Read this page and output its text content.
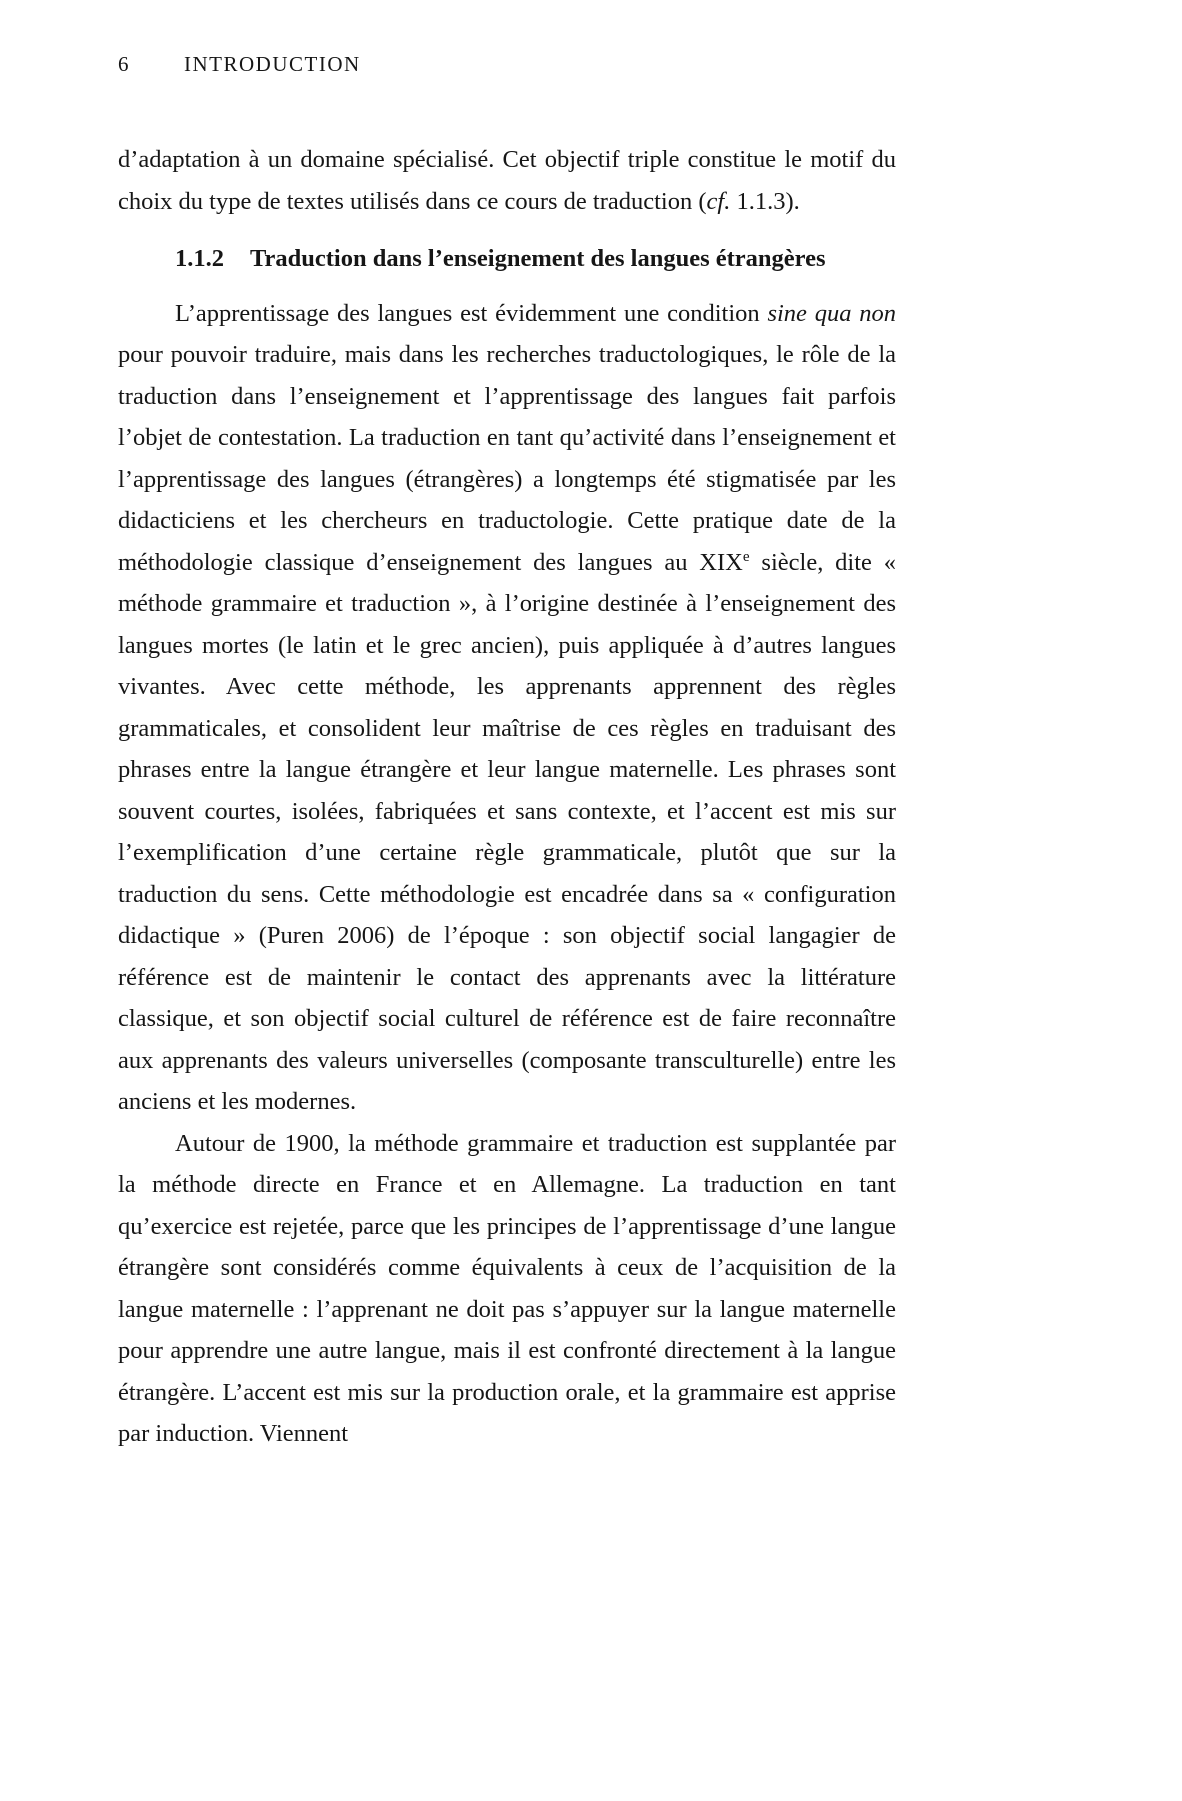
6	INTRODUCTION

d’adaptation à un domaine spécialisé. Cet objectif triple constitue le motif du choix du type de textes utilisés dans ce cours de traduction (cf. 1.1.3).

1.1.2 Traduction dans l’enseignement des langues étrangères

L’apprentissage des langues est évidemment une condition sine qua non pour pouvoir traduire, mais dans les recherches traductologiques, le rôle de la traduction dans l’enseignement et l’apprentissage des langues fait parfois l’objet de contestation. La traduction en tant qu’activité dans l’enseignement et l’apprentissage des langues (étrangères) a longtemps été stigmatisée par les didacticiens et les chercheurs en traductologie. Cette pratique date de la méthodologie classique d’enseignement des langues au XIXe siècle, dite « méthode grammaire et traduction », à l’origine destinée à l’enseignement des langues mortes (le latin et le grec ancien), puis appliquée à d’autres langues vivantes. Avec cette méthode, les apprenants apprennent des règles grammaticales, et consolident leur maîtrise de ces règles en traduisant des phrases entre la langue étrangère et leur langue maternelle. Les phrases sont souvent courtes, isolées, fabriquées et sans contexte, et l’accent est mis sur l’exemplification d’une certaine règle grammaticale, plutôt que sur la traduction du sens. Cette méthodologie est encadrée dans sa « configuration didactique » (Puren 2006) de l’époque : son objectif social langagier de référence est de maintenir le contact des apprenants avec la littérature classique, et son objectif social culturel de référence est de faire reconnaître aux apprenants des valeurs universelles (composante transculturelle) entre les anciens et les modernes.

Autour de 1900, la méthode grammaire et traduction est supplantée par la méthode directe en France et en Allemagne. La traduction en tant qu’exercice est rejetée, parce que les principes de l’apprentissage d’une langue étrangère sont considérés comme équivalents à ceux de l’acquisition de la langue maternelle : l’apprenant ne doit pas s’appuyer sur la langue maternelle pour apprendre une autre langue, mais il est confronté directement à la langue étrangère. L’accent est mis sur la production orale, et la grammaire est apprise par induction. Viennent
